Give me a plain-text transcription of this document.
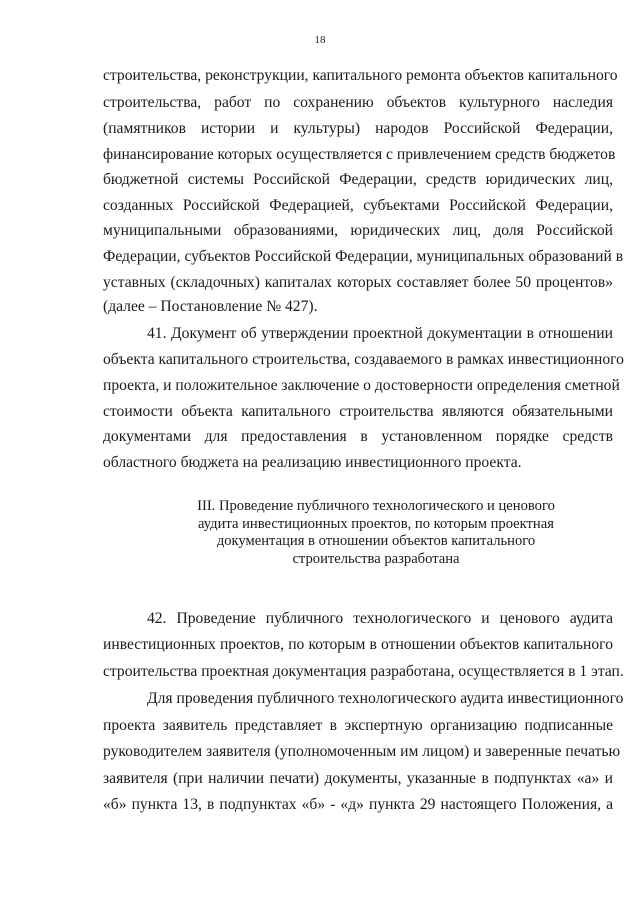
18
строительства, реконструкции, капитального ремонта объектов капитального
строительства, работ по сохранению объектов культурного наследия
(памятников истории и культуры) народов Российской Федерации,
финансирование которых осуществляется с привлечением средств бюджетов
бюджетной системы Российской Федерации, средств юридических лиц,
созданных Российской Федерацией, субъектами Российской Федерации,
муниципальными образованиями, юридических лиц, доля Российской
Федерации, субъектов Российской Федерации, муниципальных образований в
уставных (складочных) капиталах которых составляет более 50 процентов»
(далее – Постановление № 427).
41. Документ об утверждении проектной документации в отношении
объекта капитального строительства, создаваемого в рамках инвестиционного
проекта, и положительное заключение о достоверности определения сметной
стоимости объекта капитального строительства являются обязательными
документами для предоставления в установленном порядке средств
областного бюджета на реализацию инвестиционного проекта.
III. Проведение публичного технологического и ценового
аудита инвестиционных проектов, по которым проектная
документация в отношении объектов капитального
строительства разработана
42. Проведение публичного технологического и ценового аудита
инвестиционных проектов, по которым в отношении объектов капитального
строительства проектная документация разработана, осуществляется в 1 этап.
Для проведения публичного технологического аудита инвестиционного
проекта заявитель представляет в экспертную организацию подписанные
руководителем заявителя (уполномоченным им лицом) и заверенные печатью
заявителя (при наличии печати) документы, указанные в подпунктах «а» и
«б» пункта 13, в подпунктах «б» - «д» пункта 29 настоящего Положения, а
